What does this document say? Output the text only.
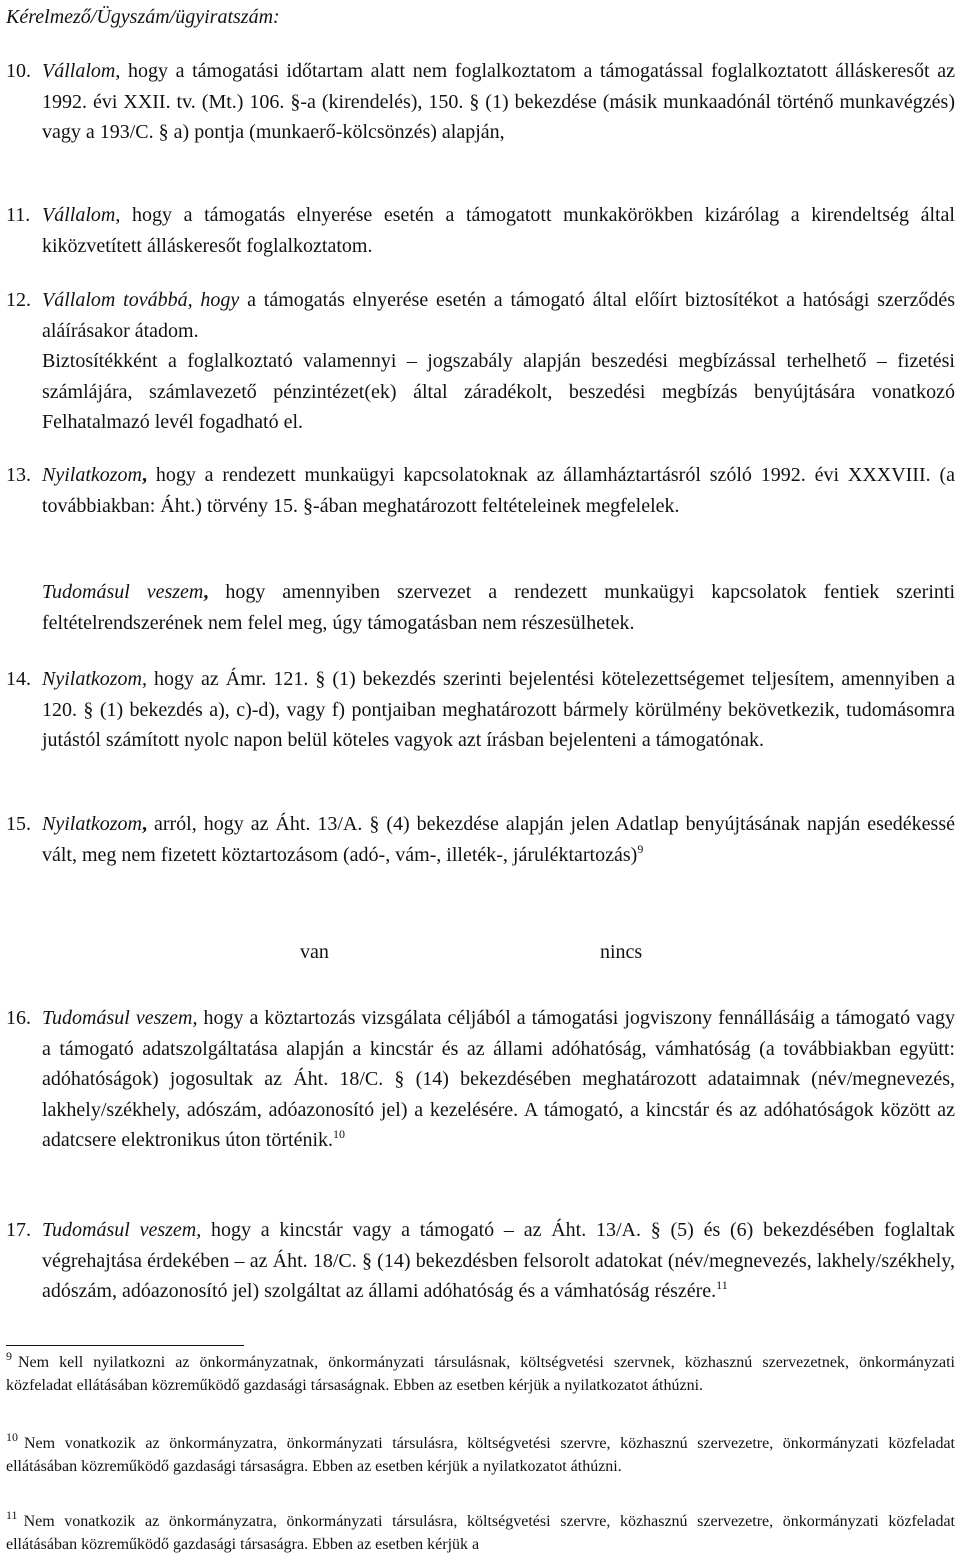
Kérelmező/Ügyszám/ügyiratszám:
10. Vállalom, hogy a támogatási időtartam alatt nem foglalkoztatom a támogatással foglalkoztatott álláskeresőt az 1992. évi XXII. tv. (Mt.) 106. §-a (kirendelés), 150. § (1) bekezdése (másik munkaadónál történő munkavégzés) vagy a 193/C. § a) pontja (munkaerő-kölcsönzés) alapján,

11. Vállalom, hogy a támogatás elnyerése esetén a támogatott munkakörökben kizárólag a kirendeltség által kiközvetített álláskeresőt foglalkoztatom.

12. Vállalom továbbá, hogy a támogatás elnyerése esetén a támogató által előírt biztosítékot a hatósági szerződés aláírásakor átadom.

Biztosítékként a foglalkoztató valamennyi – jogszabály alapján beszedési megbízással terhelhető – fizetési számlájára, számlavezető pénzintézet(ek) által záradékolt, beszedési megbízás benyújtására vonatkozó Felhatalmazó levél fogadható el.

13. Nyilatkozom, hogy a rendezett munkaügyi kapcsolatoknak az államháztartásról szóló 1992. évi XXXVIII. (a továbbiakban: Áht.) törvény 15. §-ában meghatározott feltételeinek megfelelek.

Tudomásul veszem, hogy amennyiben szervezet a rendezett munkaügyi kapcsolatok fentiek szerinti feltételrendszerének nem felel meg, úgy támogatásban nem részesülhetek.

14. Nyilatkozom, hogy az Ámr. 121. § (1) bekezdés szerinti bejelentési kötelezettségemet teljesítem, amennyiben a 120. § (1) bekezdés a), c)-d), vagy f) pontjaiban meghatározott bármely körülmény bekövetkezik, tudomásomra jutástól számított nyolc napon belül köteles vagyok azt írásban bejelenteni a támogatónak.

15. Nyilatkozom, arról, hogy az Áht. 13/A. § (4) bekezdése alapján jelen Adatlap benyújtásának napján esedékessé vált, meg nem fizetett köztartozásom (adó-, vám-, illeték-, járuléktartozás)$^9$

van	nincs
16. Tudomásul veszem, hogy a köztartozás vizsgálata céljából a támogatási jogviszony fennállásáig a támogató vagy a támogató adatszolgáltatása alapján a kincstár és az állami adóhatóság, vámhatóság (a továbbiakban együtt: adóhatóságok) jogosultak az Áht. 18/C. § (14) bekezdésében meghatározott adataimnak (név/megnevezés, lakhely/székhely, adószám, adóazonosító jel) a kezelésére. A támogató, a kincstár és az adóhatóságok között az adatcsere elektronikus úton történik.$^{10}$

17. Tudomásul veszem, hogy a kincstár vagy a támogató – az Áht. 13/A. § (5) és (6) bekezdésében foglaltak végrehajtása érdekében – az Áht. 18/C. § (14) bekezdésben felsorolt adatokat (név/megnevezés, lakhely/székhely, adószám, adóazonosító jel) szolgáltat az állami adóhatóság és a vámhatóság részére.$^{11}$

$^9$ Nem kell nyilatkozni az önkormányzatnak, önkormányzati társulásnak, költségvetési szervnek, közhasznú szervezetnek, önkormányzati közfeladat ellátásában közreműködő gazdasági társaságnak. Ebben az esetben kérjük a nyilatkozatot áthúzni.
$^{10}$ Nem vonatkozik az önkormányzatra, önkormányzati társulásra, költségvetési szervre, közhasznú szervezetre, önkormányzati közfeladat ellátásában közreműködő gazdasági társaságra. Ebben az esetben kérjük a nyilatkozatot áthúzni.
$^{11}$ Nem vonatkozik az önkormányzatra, önkormányzati társulásra, költségvetési szervre, közhasznú szervezetre, önkormányzati közfeladat ellátásában közreműködő gazdasági társaságra. Ebben az esetben kérjük a
